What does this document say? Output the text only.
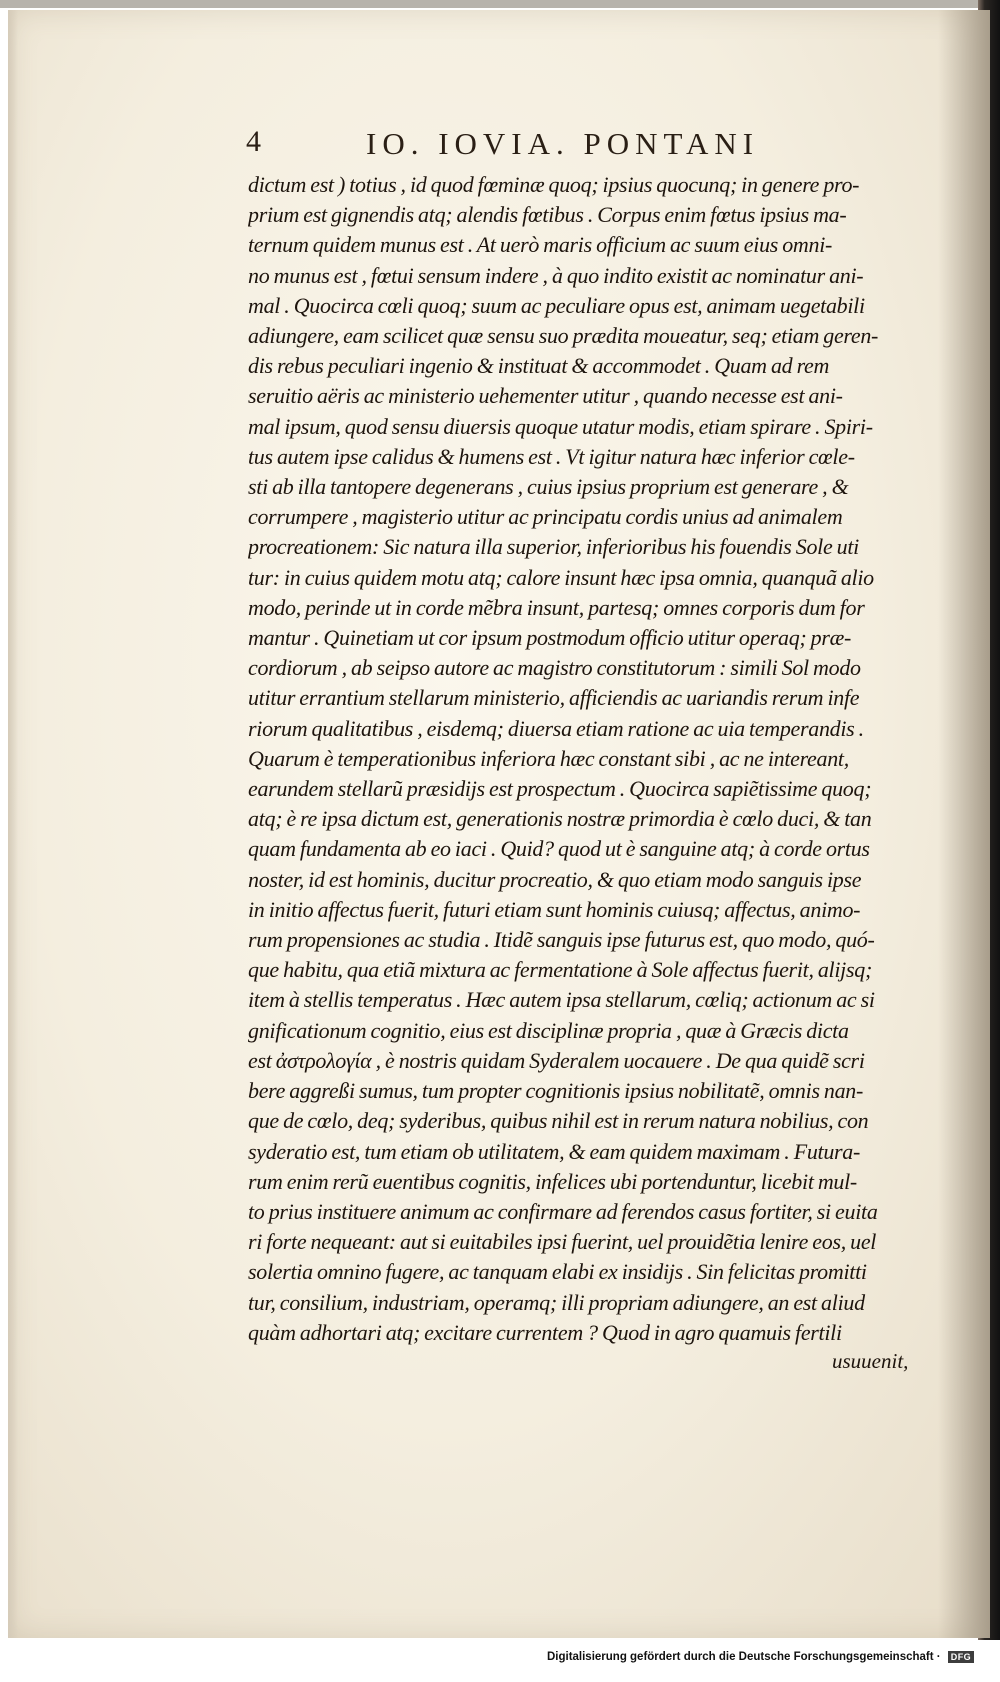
4	IO. IOVIA. PONTANI
dictum est ) totius , id quod fœminæ quoq; ipsius quocunq; in genere pro-
prium est gignendis atq; alendis fœtibus . Corpus enim fœtus ipsius ma-
ternum quidem munus est . At uerò maris officium ac suum eius omni-
no munus est , fœtui sensum indere , à quo indito existit ac nominatur ani-
mal . Quocirca cœli quoq; suum ac peculiare opus est, animam uegetabili
adiungere, eam scilicet quæ sensu suo prædita moueatur, seq; etiam geren-
dis rebus peculiari ingenio & instituat & accommodet . Quam ad rem
seruitio aëris ac ministerio uehementer utitur , quando necesse est ani-
mal ipsum, quod sensu diuersis quoque utatur modis, etiam spirare . Spiri-
tus autem ipse calidus & humens est . Vt igitur natura hæc inferior cœle-
sti ab illa tantopere degenerans , cuius ipsius proprium est generare , &
corrumpere , magisterio utitur ac principatu cordis unius ad animalem
procreationem: Sic natura illa superior, inferioribus his fouendis Sole uti
tur: in cuius quidem motu atq; calore insunt hæc ipsa omnia, quanquã alio
modo, perinde ut in corde mẽbra insunt, partesq; omnes corporis dum for
mantur . Quinetiam ut cor ipsum postmodum officio utitur operaq; præ-
cordiorum , ab seipso autore ac magistro constitutorum : simili Sol modo
utitur errantium stellarum ministerio, afficiendis ac uariandis rerum infe
riorum qualitatibus , eisdemq; diuersa etiam ratione ac uia temperandis .
Quarum è temperationibus inferiora hæc constant sibi , ac ne intereant,
earundem stellarũ præsidijs est prospectum . Quocirca sapiẽtissime quoq;
atq; è re ipsa dictum est, generationis nostræ primordia è cœlo duci, & tan
quam fundamenta ab eo iaci . Quid? quod ut è sanguine atq; à corde ortus
noster, id est hominis, ducitur procreatio, & quo etiam modo sanguis ipse
in initio affectus fuerit, futuri etiam sunt hominis cuiusq; affectus, animo-
rum propensiones ac studia . Itidẽ sanguis ipse futurus est, quo modo, quó-
que habitu, qua etiã mixtura ac fermentatione à Sole affectus fuerit, alijsq;
item à stellis temperatus . Hæc autem ipsa stellarum, cœliq; actionum ac si
gnificationum cognitio, eius est disciplinæ propria , quæ à Græcis dicta
est ἀστρολογία , è nostris quidam Syderalem uocauere . De qua quidẽ scri
bere aggreßi sumus, tum propter cognitionis ipsius nobilitatẽ, omnis nan-
que de cœlo, deq; syderibus, quibus nihil est in rerum natura nobilius, con
syderatio est, tum etiam ob utilitatem, & eam quidem maximam . Futura-
rum enim rerũ euentibus cognitis, infelices ubi portenduntur, licebit mul-
to prius instituere animum ac confirmare ad ferendos casus fortiter, si euita
ri forte nequeant: aut si euitabiles ipsi fuerint, uel prouidẽtia lenire eos, uel
solertia omnino fugere, ac tanquam elabi ex insidijs . Sin felicitas promitti
tur, consilium, industriam, operamq; illi propriam adiungere, an est aliud
quàm adhortari atq; excitare currentem ? Quod in agro quamuis fertili
usuuenit,
Digitalisierung gefördert durch die Deutsche Forschungsgemeinschaft · DFG
